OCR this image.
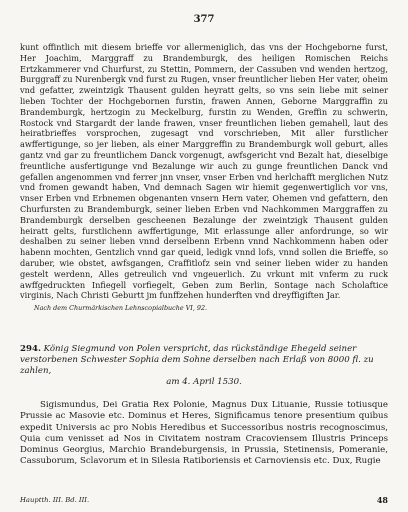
377

kunt offintlich mit diesem brieffe vor allermeniglich, das vns der Hochgeborne furst, Her Joachim, Marggraff zu Brandemburgk, des heiligen Romischen Reichs Ertzkammerer vnd Churfurst, zu Stettin, Pommern, der Cassuben vnd wenden hertzog, Burggraff zu Nurenbergk vnd furst zu Rugen, vnser freuntlicher lieben Her vater, oheim vnd gefatter, zweintzigk Thausent gulden heyratt gelts, so vns sein liebe mit seiner lieben Tochter der Hochgebornen furstin, frawen Annen, Geborne Marggraffin zu Brandemburgk, hertzogin zu Meckelburg, furstin zu Wenden, Greffin zu schwerin, Rostock vnd Stargardt der lande frawen, vnser freuntlichen lieben gemahell, laut des heiratbrieffes vorsprochen, zugesagt vnd vorschrieben, Mit aller furstlicher awffertigunge, so jer lieben, als einer Marggreffin zu Brandemburgk woll geburt, alles gantz vnd gar zu freuntlichem Danck vorgenugt, awfsgericht vnd Bezalt hat, dieselbige freuntliche ausfertigunge vnd Bezalunge wir auch zu gunge freuntlichen Danck vnd gefallen angenommen vnd ferrer jnn vnser, vnser Erben vnd herlchafft merglichen Nutz vnd fromen gewandt haben, Vnd demnach Sagen wir hiemit gegenwertiglich vor vns, vnser Erben vnd Erbnemen obgenanten vnsern Hern vater, Ohemen vnd gefattern, den Churfursten zu Brandemburgk, seiner lieben Erben vnd Nachkommen Marggraffen zu Brandemburgk derselben gescheenen Bezalunge der zweintzigk Thausent gulden heiratt gelts, furstlichenn awffertigunge, Mit erlassunge aller anfordrunge, so wir deshalben zu seiner lieben vnnd derselbenn Erbenn vnnd Nachkommenn haben oder habenn mochten, Gentzlich vnnd gar queid, ledigk vnnd lofs, vnnd sollen die Brieffe, so daruber, wie obstet, awfsgangen, Craffitlofz sein vnd seiner lieben wider zu handen gestelt werdenn, Alles getreulich vnd vngeuerlich. Zu vrkunt mit vnferm zu ruck awffgedruckten Infiegell vorfiegelt, Geben zum Berlin, Sontage nach Scholafticе virginis, Nach Christi Geburtt jm funffzehen hunderften vnd dreyffigiften Jar.

Nach dem Churmärkischen Lehnscopialbuche VI, 92.
294. König Siegmund von Polen verspricht, das rückständige Ehegeld seiner verstorbenen Schwester Sophia dem Sohne derselben nach Erlaß von 8000 fl. zu zahlen,
am 4. April 1530.

Sigismundus, Dei Gratia Rex Polonie, Magnus Dux Lituanie, Russie totiusque Prussie ac Masovie etc. Dominus et Heres, Significamus tenore presentium quibus expedit Universis ac pro Nobis Heredibus et Successoribus nostris recognoscimus, Quia cum venisset ad Nos in Civitatem nostram Cracoviensem Illustris Princeps Dominus Georgius, Marchio Brandeburgensis, in Prussia, Stetinensis, Pomeranie, Cassuborum, Sclavorum et in Silesia Ratiboriensis et Carnoviensis etc. Dux, Rugie

Hauptth. III. Bd. III.	48
